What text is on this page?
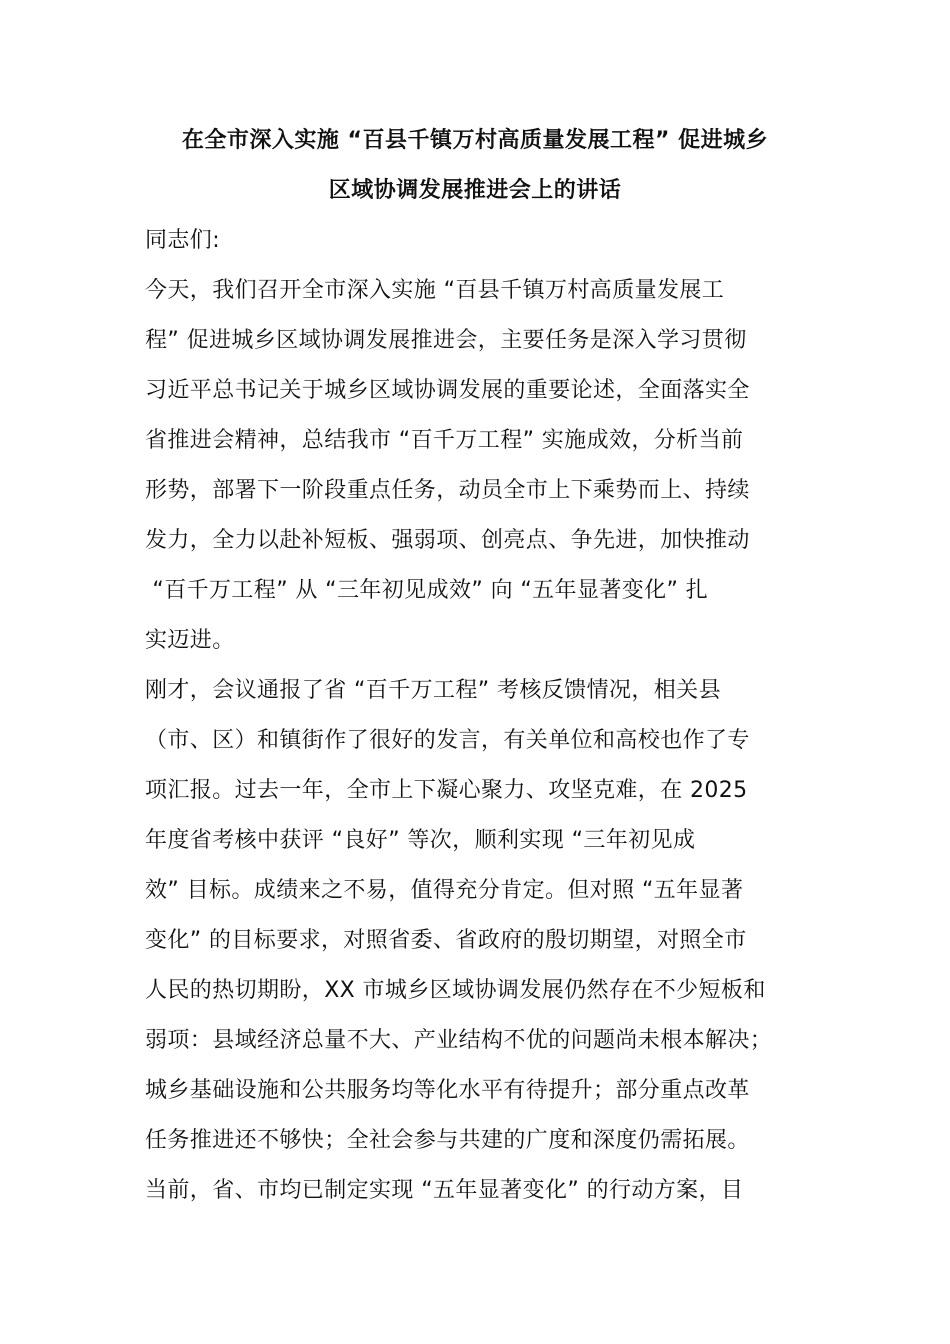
在全市深入实施 “百县千镇万村高质量发展工程” 促进城乡
区域协调发展推进会上的讲话
同志们:
今天，我们召开全市深入实施 “百县千镇万村高质量发展工
程” 促进城乡区域协调发展推进会，主要任务是深入学习贯彻
习近平总书记关于城乡区域协调发展的重要论述，全面落实全
省推进会精神，总结我市 “百千万工程” 实施成效，分析当前
形势，部署下一阶段重点任务，动员全市上下乘势而上、持续
发力，全力以赴补短板、强弱项、创亮点、争先进，加快推动
“百千万工程” 从 “三年初见成效” 向 “五年显著变化” 扎
实迈进。
刚才，会议通报了省 “百千万工程” 考核反馈情况，相关县
（市、区）和镇街作了很好的发言，有关单位和高校也作了专
项汇报。过去一年，全市上下凝心聚力、攻坚克难，在 2025
年度省考核中获评 “良好” 等次，顺利实现 “三年初见成
效” 目标。成绩来之不易，值得充分肯定。但对照 “五年显著
变化” 的目标要求，对照省委、省政府的殷切期望，对照全市
人民的热切期盼，XX 市城乡区域协调发展仍然存在不少短板和
弱项：县域经济总量不大、产业结构不优的问题尚未根本解决；
城乡基础设施和公共服务均等化水平有待提升；部分重点改革
任务推进还不够快；全社会参与共建的广度和深度仍需拓展。
当前，省、市均已制定实现 “五年显著变化” 的行动方案，目
